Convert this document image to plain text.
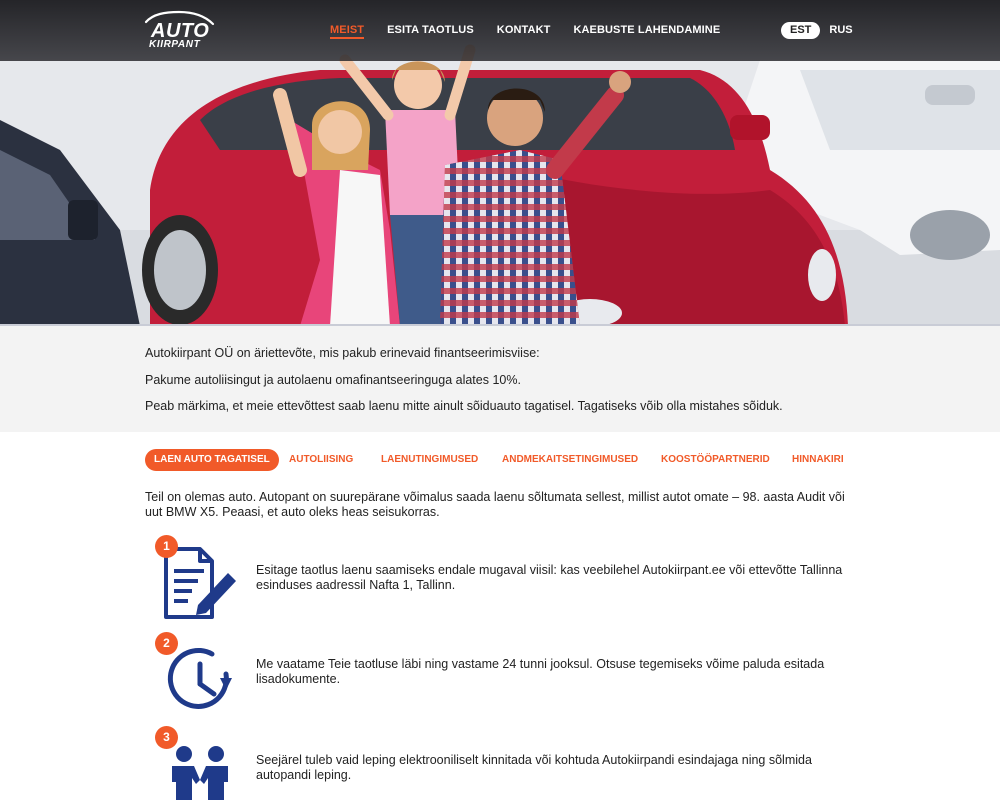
AUTO
KIIRPANT
MEIST ESITA TAOTLUS KONTAKT KAEBUSTE LAHENDAMINE	EST	RUS

Autokiirpant OÜ on äriettevõte, mis pakub erinevaid finantseerimisviise:

Pakume autoliisingut ja autolaenu omafinantseeringuga alates 10%.

Peab märkima, et meie ettevõttest saab laenu mitte ainult sõiduauto tagatisel. Tagatiseks võib olla mistahes sõiduk.

LAEN AUTO TAGATISEL	AUTOLIISING	LAENUTINGIMUSED ANDMEKAITSETINGIMUSED KOOSTÖÖPARTNERID HINNAKIRI

Teil on olemas auto. Autopant on suurepärane võimalus saada laenu sõltumata sellest, millist autot omate – 98. aasta Audit või uut BMW X5. Peaasi, et auto oleks heas seisukorras.

1

Esitage taotlus laenu saamiseks endale mugaval viisil: kas veebilehel Autokiirpant.ee või ettevõtte Tallinna esinduses aadressil Nafta 1, Tallinn.

2

Me vaatame Teie taotluse läbi ning vastame 24 tunni jooksul. Otsuse tegemiseks võime paluda esitada lisadokumente.

3

Seejärel tuleb vaid leping elektrooniliselt kinnitada või kohtuda Autokiirpandi esindajaga ning sõlmida autopandi leping.
